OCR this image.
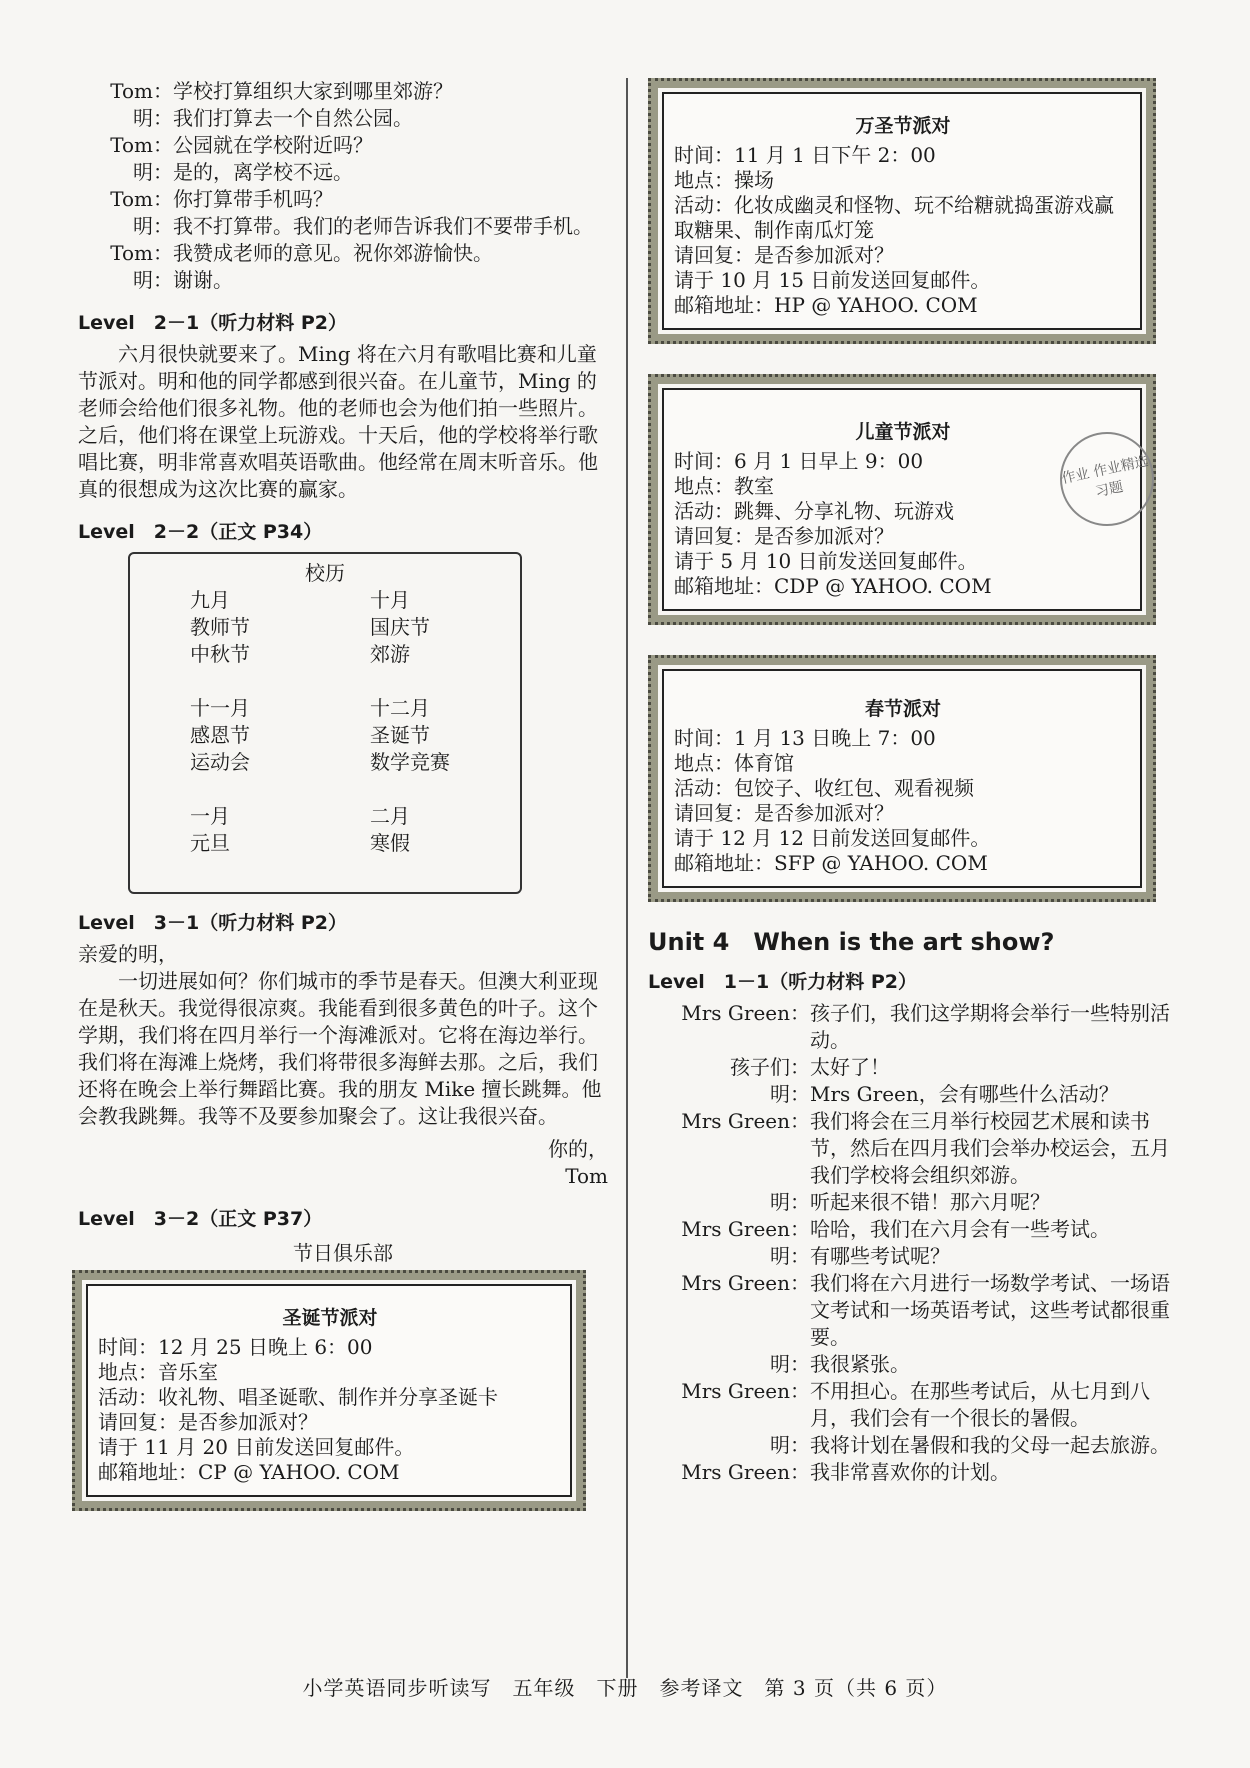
Tom： 学校打算组织大家到哪里郊游？
明： 我们打算去一个自然公园。
Tom： 公园就在学校附近吗？
明： 是的，离学校不远。
Tom： 你打算带手机吗？
明： 我不打算带。我们的老师告诉我们不要带手机。
Tom： 我赞成老师的意见。祝你郊游愉快。
明： 谢谢。
Level　2－1（听力材料 P2）

六月很快就要来了。Ming 将在六月有歌唱比赛和儿童节派对。明和他的同学都感到很兴奋。在儿童节，Ming 的老师会给他们很多礼物。他的老师也会为他们拍一些照片。之后，他们将在课堂上玩游戏。十天后，他的学校将举行歌唱比赛，明非常喜欢唱英语歌曲。他经常在周末听音乐。他真的很想成为这次比赛的赢家。

Level　2－2（正文 P34）
校历
九月
教师节
中秋节
十月
国庆节
郊游
十一月
感恩节
运动会
十二月
圣诞节
数学竞赛
一月
元旦
二月
寒假
Level　3－1（听力材料 P2）
亲爱的明，

一切进展如何？你们城市的季节是春天。但澳大利亚现在是秋天。我觉得很凉爽。我能看到很多黄色的叶子。这个学期，我们将在四月举行一个海滩派对。它将在海边举行。我们将在海滩上烧烤，我们将带很多海鲜去那。之后，我们还将在晚会上举行舞蹈比赛。我的朋友 Mike 擅长跳舞。他会教我跳舞。我等不及要参加聚会了。这让我很兴奋。

你的，
Tom
Level　3－2（正文 P37）
节日俱乐部
圣诞节派对
时间：12 月 25 日晚上 6：00
地点：音乐室
活动：收礼物、唱圣诞歌、制作并分享圣诞卡
请回复：是否参加派对？
请于 11 月 20 日前发送回复邮件。
邮箱地址：CP @ YAHOO. COM
万圣节派对
时间：11 月 1 日下午 2：00
地点：操场
活动：化妆成幽灵和怪物、玩不给糖就捣蛋游戏赢取糖果、制作南瓜灯笼
请回复：是否参加派对？
请于 10 月 15 日前发送回复邮件。
邮箱地址：HP @ YAHOO. COM
儿童节派对
时间：6 月 1 日早上 9：00
地点：教室
活动：跳舞、分享礼物、玩游戏
请回复：是否参加派对？
请于 5 月 10 日前发送回复邮件。
邮箱地址：CDP @ YAHOO. COM
春节派对
时间：1 月 13 日晚上 7：00
地点：体育馆
活动：包饺子、收红包、观看视频
请回复：是否参加派对？
请于 12 月 12 日前发送回复邮件。
邮箱地址：SFP @ YAHOO. COM
Unit 4　When is the art show?
Level　1－1（听力材料 P2）
Mrs Green： 孩子们，我们这学期将会举行一些特别活动。
孩子们： 太好了！
明： Mrs Green，会有哪些什么活动？
Mrs Green： 我们将会在三月举行校园艺术展和读书节，然后在四月我们会举办校运会，五月我们学校将会组织郊游。
明： 听起来很不错！那六月呢？
Mrs Green： 哈哈，我们在六月会有一些考试。
明： 有哪些考试呢？
Mrs Green： 我们将在六月进行一场数学考试、一场语文考试和一场英语考试，这些考试都很重要。
明： 我很紧张。
Mrs Green： 不用担心。在那些考试后，从七月到八月，我们会有一个很长的暑假。
明： 我将计划在暑假和我的父母一起去旅游。
Mrs Green： 我非常喜欢你的计划。
作业 作业精选习题
小学英语同步听读写　五年级　下册　参考译文　第 3 页（共 6 页）
